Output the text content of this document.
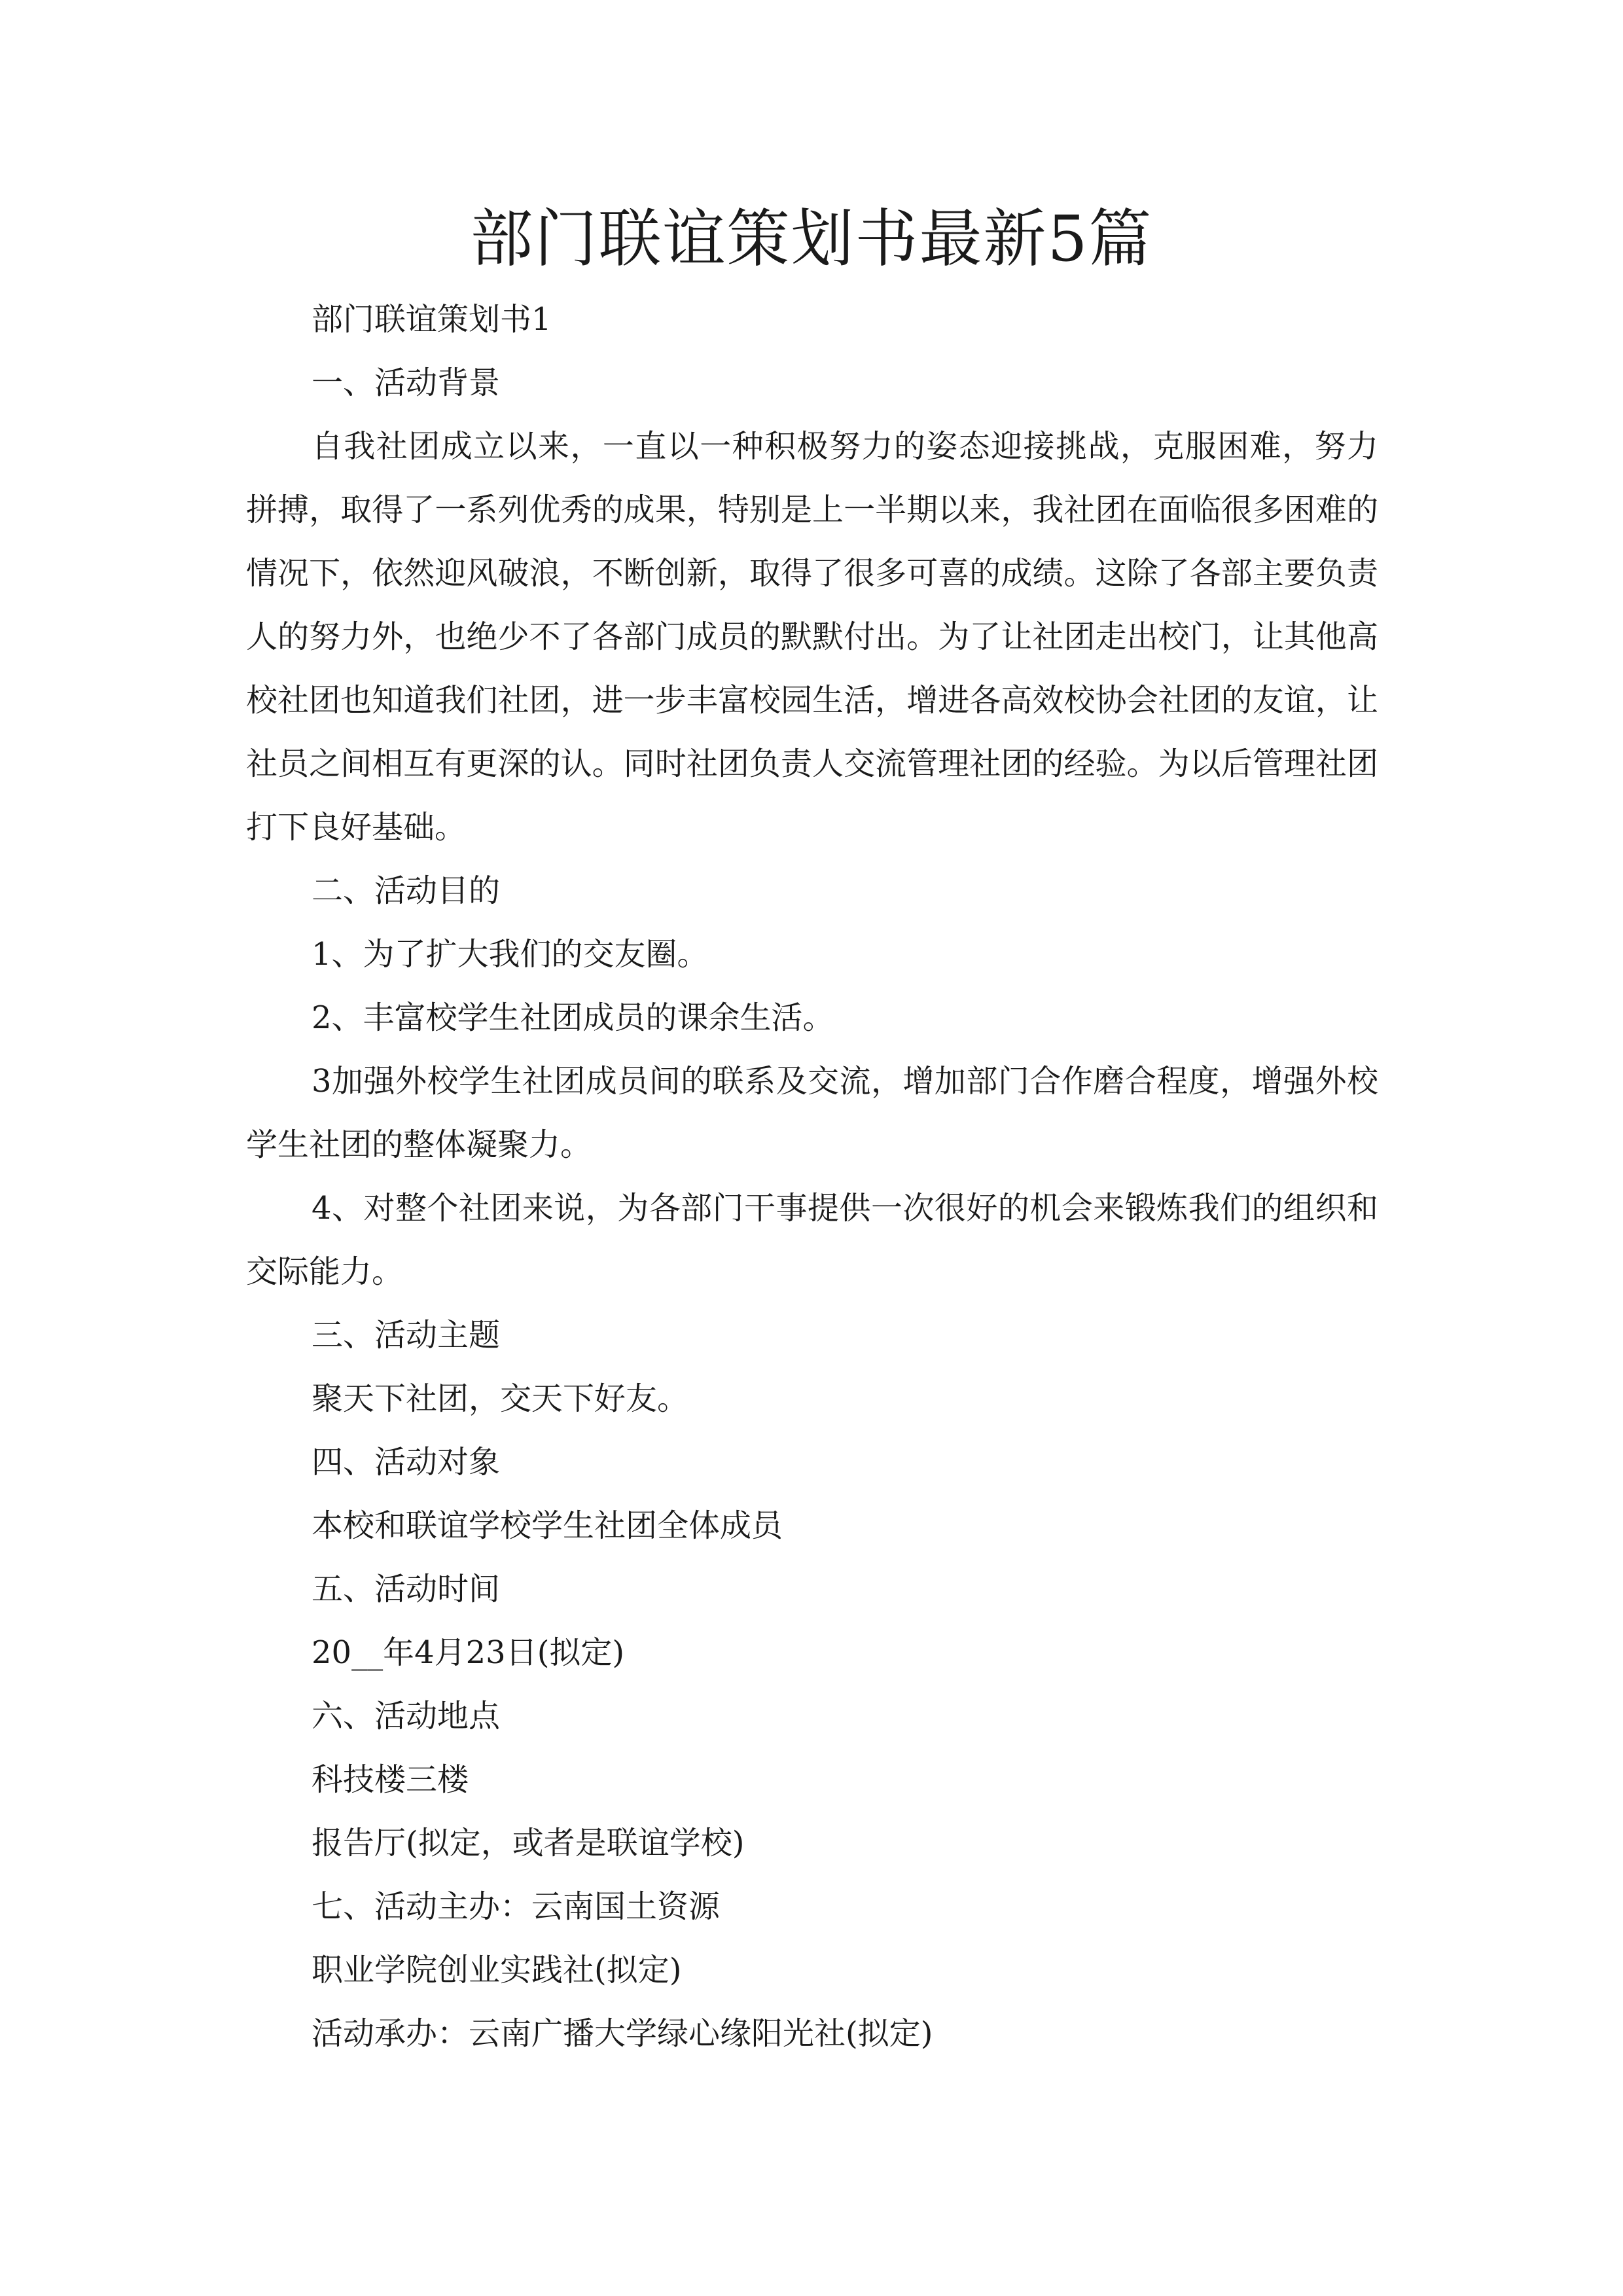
部门联谊策划书最新5篇

部门联谊策划书1

一、活动背景

自我社团成立以来，一直以一种积极努力的姿态迎接挑战，克服困难，努力拼搏，取得了一系列优秀的成果，特别是上一半期以来，我社团在面临很多困难的情况下，依然迎风破浪，不断创新，取得了很多可喜的成绩。这除了各部主要负责人的努力外，也绝少不了各部门成员的默默付出。为了让社团走出校门，让其他高校社团也知道我们社团，进一步丰富校园生活，增进各高效校协会社团的友谊，让社员之间相互有更深的认。同时社团负责人交流管理社团的经验。为以后管理社团打下良好基础。

二、活动目的

1、为了扩大我们的交友圈。

2、丰富校学生社团成员的课余生活。

3加强外校学生社团成员间的联系及交流，增加部门合作磨合程度，增强外校学生社团的整体凝聚力。

4、对整个社团来说，为各部门干事提供一次很好的机会来锻炼我们的组织和交际能力。

三、活动主题

聚天下社团，交天下好友。

四、活动对象

本校和联谊学校学生社团全体成员

五、活动时间

20__年4月23日(拟定)

六、活动地点

科技楼三楼

报告厅(拟定，或者是联谊学校)

七、活动主办：云南国土资源

职业学院创业实践社(拟定)

活动承办：云南广播大学绿心缘阳光社(拟定)
